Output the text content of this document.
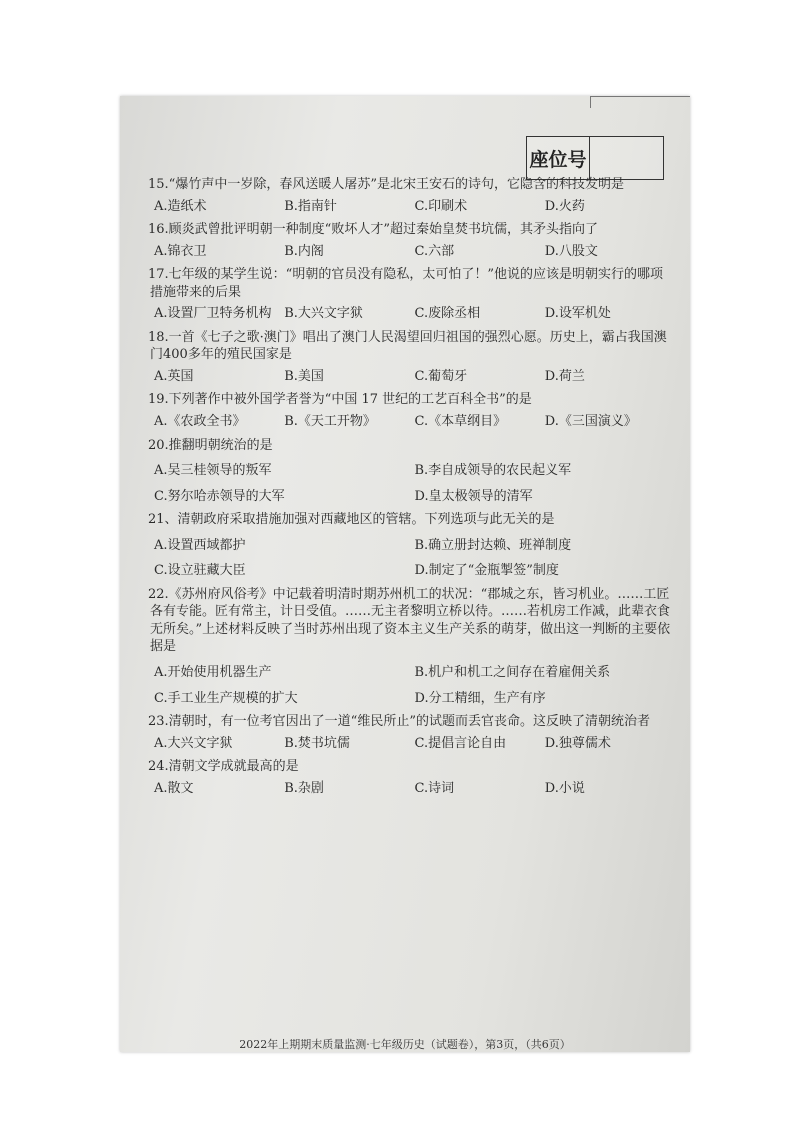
座位号

15.“爆竹声中一岁除，春风送暖人屠苏”是北宋王安石的诗句，它隐含的科技发明是

A.造纸术	B.指南针	C.印刷术	D.火药

16.顾炎武曾批评明朝一种制度“败坏人才”超过秦始皇焚书坑儒，其矛头指向了

A.锦衣卫	B.内阁	C.六部	D.八股文

17.七年级的某学生说：“明朝的官员没有隐私，太可怕了！”他说的应该是明朝实行的哪项措施带来的后果

A.设置厂卫特务机构 B.大兴文字狱	C.废除丞相	D.设军机处

18.一首《七子之歌·澳门》唱出了澳门人民渴望回归祖国的强烈心愿。历史上，霸占我国澳门400多年的殖民国家是

A.英国	B.美国	C.葡萄牙	D.荷兰

19.下列著作中被外国学者誉为“中国 17 世纪的工艺百科全书”的是

A.《农政全书》	B.《天工开物》	C.《本草纲目》	D.《三国演义》

20.推翻明朝统治的是

A.吴三桂领导的叛军	B.李自成领导的农民起义军
C.努尔哈赤领导的大军	D.皇太极领导的清军

21、清朝政府采取措施加强对西藏地区的管辖。下列选项与此无关的是

A.设置西域都护	B.确立册封达赖、班禅制度
C.设立驻藏大臣	D.制定了“金瓶掣签”制度

22.《苏州府风俗考》中记载着明清时期苏州机工的状况：“郡城之东，皆习机业。……工匠各有专能。匠有常主，计日受值。……无主者黎明立桥以待。……若机房工作减，此辈衣食无所矣。”上述材料反映了当时苏州出现了资本主义生产关系的萌芽，做出这一判断的主要依据是

A.开始使用机器生产	B.机户和机工之间存在着雇佣关系
C.手工业生产规模的扩大	D.分工精细，生产有序

23.清朝时，有一位考官因出了一道“维民所止”的试题而丢官丧命。这反映了清朝统治者

A.大兴文字狱	B.焚书坑儒	C.提倡言论自由	D.独尊儒术

24.清朝文学成就最高的是

A.散文	B.杂剧	C.诗词	D.小说
2022年上期期末质量监测·七年级历史（试题卷），第3页，（共6页）
